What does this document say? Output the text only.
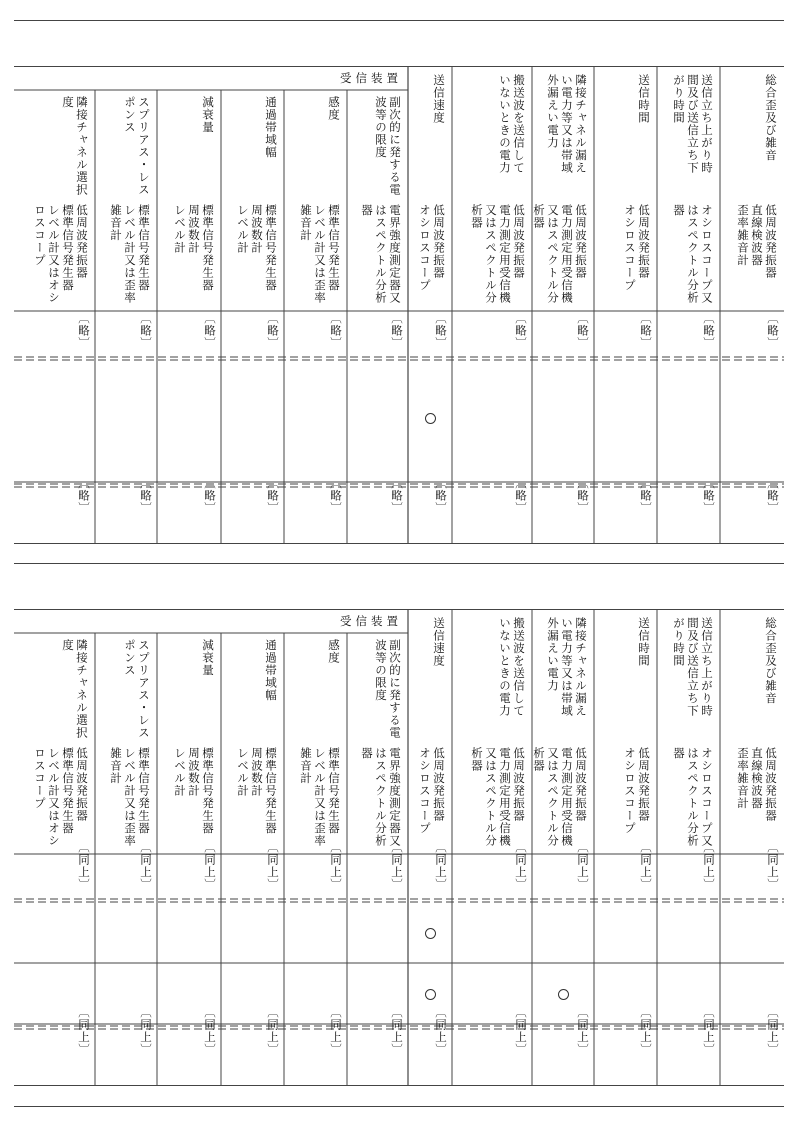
受信装置	総合歪及び雑音
低周波発振器
直線検波器
歪率雑音計
〔略〕
〔略〕
送信立ち上がり時
間及び送信立ち下
がり時間
オシロスコープ又
はスペクトル分析
器
〔略〕
〔略〕
送信時間
低周波発振器
オシロスコープ
〔略〕
〔略〕
隣接チャネル漏え
い電力等又は帯域
外漏えい電力
低周波発振器
電力測定用受信機
又はスペクトル分
析器
〔略〕
〔略〕
搬送波を送信して
いないときの電力
低周波発振器
電力測定用受信機
又はスペクトル分
析器
〔略〕
〔略〕
送信速度
低周波発振器
オシロスコープ
〔略〕
〔略〕
副次的に発する電
波等の限度
電界強度測定器又
はスペクトル分析
器
〔略〕
〔略〕
感度
標準信号発生器
レベル計又は歪率
雑音計
〔略〕
〔略〕
通過帯域幅
標準信号発生器
周波数計
レベル計
〔略〕
〔略〕
減衰量
標準信号発生器
周波数計
レベル計
〔略〕
〔略〕
スプリアス・レス
ポンス
標準信号発生器
レベル計又は歪率
雑音計
〔略〕
〔略〕
隣接チャネル選択
度
低周波発振器
標準信号発生器
レベル計又はオシ
ロスコープ
〔略〕
〔略〕
受信装置	総合歪及び雑音
低周波発振器
直線検波器
歪率雑音計
〔同上〕
〔同上〕
送信立ち上がり時
間及び送信立ち下
がり時間
オシロスコープ又
はスペクトル分析
器
〔同上〕
〔同上〕
送信時間
低周波発振器
オシロスコープ
〔同上〕
〔同上〕
隣接チャネル漏え
い電力等又は帯域
外漏えい電力
低周波発振器
電力測定用受信機
又はスペクトル分
析器
〔同上〕
〔同上〕
搬送波を送信して
いないときの電力
低周波発振器
電力測定用受信機
又はスペクトル分
析器
〔同上〕
〔同上〕
送信速度
低周波発振器
オシロスコープ
〔同上〕
〔同上〕
副次的に発する電
波等の限度
電界強度測定器又
はスペクトル分析
器
〔同上〕
〔同上〕
感度
標準信号発生器
レベル計又は歪率
雑音計
〔同上〕
〔同上〕
通過帯域幅
標準信号発生器
周波数計
レベル計
〔同上〕
〔同上〕
減衰量
標準信号発生器
周波数計
レベル計
〔同上〕
〔同上〕
スプリアス・レス
ポンス
標準信号発生器
レベル計又は歪率
雑音計
〔同上〕
〔同上〕
隣接チャネル選択
度
低周波発振器
標準信号発生器
レベル計又はオシ
ロスコープ
〔同上〕
〔同上〕
